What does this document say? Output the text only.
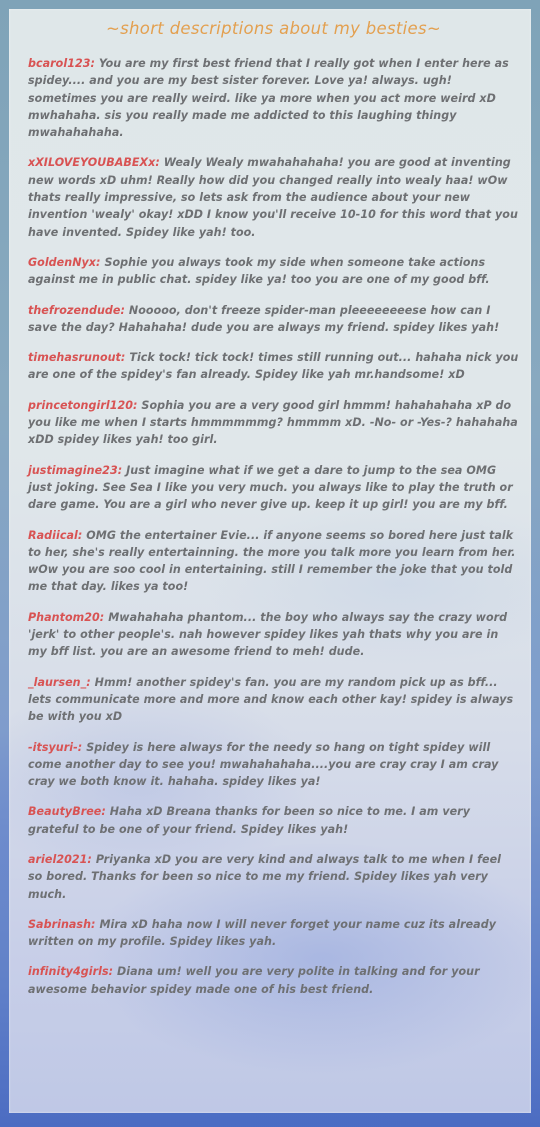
~short descriptions about my besties~

bcarol123: You are my first best friend that I really got when I enter here as spidey.... and you are my best sister forever. Love ya! always. ugh! sometimes you are really weird. like ya more when you act more weird xD mwhahaha. sis you really made me addicted to this laughing thingy mwahahahaha.

xXILOVEYOUBABEXx: Wealy Wealy mwahahahaha! you are good at inventing new words xD uhm! Really how did you changed really into wealy haa! wOw thats really impressive, so lets ask from the audience about your new invention 'wealy' okay! xDD I know you'll receive 10-10 for this word that you have invented. Spidey like yah! too.

GoldenNyx: Sophie you always took my side when someone take actions against me in public chat. spidey like ya! too you are one of my good bff.

thefrozendude: Nooooo, don't freeze spider-man pleeeeeeeese how can I save the day? Hahahaha! dude you are always my friend. spidey likes yah!

timehasrunout: Tick tock! tick tock! times still running out... hahaha nick you are one of the spidey's fan already. Spidey like yah mr.handsome! xD

princetongirl120: Sophia you are a very good girl hmmm! hahahahaha xP do you like me when I starts hmmmmmmg? hmmmm xD. -No- or -Yes-? hahahaha xDD spidey likes yah! too girl.

justimagine23: Just imagine what if we get a dare to jump to the sea OMG just joking. See Sea I like you very much. you always like to play the truth or dare game. You are a girl who never give up. keep it up girl! you are my bff.

Radiical: OMG the entertainer Evie... if anyone seems so bored here just talk to her, she's really entertainning. the more you talk more you learn from her. wOw you are soo cool in entertaining. still I remember the joke that you told me that day. likes ya too!

Phantom20: Mwahahaha phantom... the boy who always say the crazy word 'jerk' to other people's. nah however spidey likes yah thats why you are in my bff list. you are an awesome friend to meh! dude.

_laursen_: Hmm! another spidey's fan. you are my random pick up as bff... lets communicate more and more and know each other kay! spidey is always be with you xD

-itsyuri-: Spidey is here always for the needy so hang on tight spidey will come another day to see you! mwahahahaha....you are cray cray I am cray cray we both know it. hahaha. spidey likes ya!

BeautyBree: Haha xD Breana thanks for been so nice to me. I am very grateful to be one of your friend. Spidey likes yah!

ariel2021: Priyanka xD you are very kind and always talk to me when I feel so bored. Thanks for been so nice to me my friend. Spidey likes yah very much.

Sabrinash: Mira xD haha now I will never forget your name cuz its already written on my profile. Spidey likes yah.

infinity4girls: Diana um! well you are very polite in talking and for your awesome behavior spidey made one of his best friend.
